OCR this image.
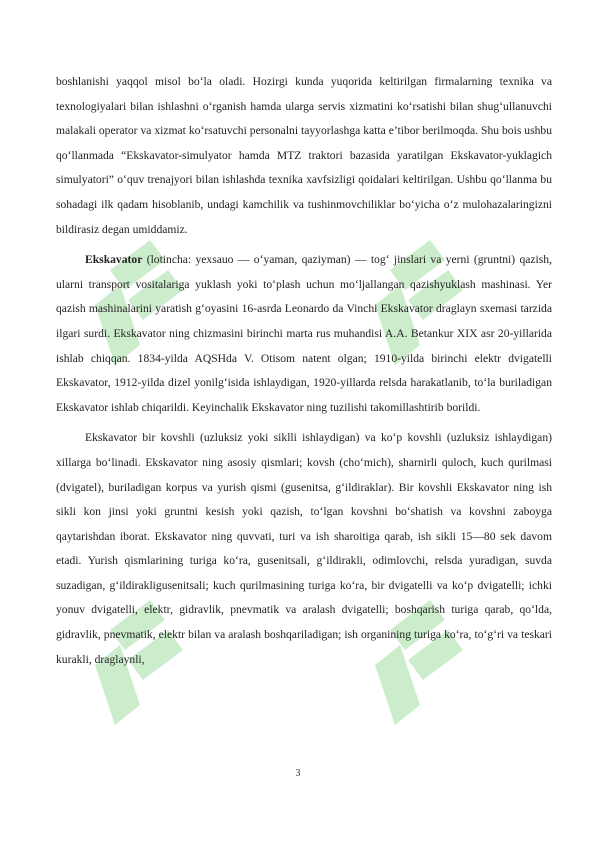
boshlanishi yaqqol misol bo‘la oladi. Hozirgi kunda yuqorida keltirilgan firmalarning texnika va texnologiyalari bilan ishlashni o‘rganish hamda ularga servis xizmatini ko‘rsatishi bilan shug‘ullanuvchi malakali operator va xizmat ko‘rsatuvchi personalni tayyorlashga katta e’tibor berilmoqda. Shu bois ushbu qo‘llanmada “Ekskavator-simulyator hamda MTZ traktori bazasida yaratilgan Ekskavator-yuklagich simulyatori” o‘quv trenajyori bilan ishlashda texnika xavfsizligi qoidalari keltirilgan. Ushbu qo‘llanma bu sohadagi ilk qadam hisoblanib, undagi kamchilik va tushinmovchiliklar bo‘yicha o‘z mulohazalaringizni bildirasiz degan umiddamiz.

Ekskavator (lotincha: yexsauo — o‘yaman, qaziyman) — tog‘ jinslari va yerni (gruntni) qazish, ularni transport vositalariga yuklash yoki to‘plash uchun mo‘ljallangan qazishyuklash mashinasi. Yer qazish mashinalarini yaratish g‘oyasini 16-asrda Leonardo da Vinchi Ekskavator draglayn sxemasi tarzida ilgari surdi. Ekskavator ning chizmasini birinchi marta rus muhandisi A.A. Betankur XIX asr 20-yillarida ishlab chiqqan. 1834-yilda AQSHda V. Otisom natent olgan; 1910-yilda birinchi elektr dvigatelli Ekskavator, 1912-yilda dizel yonilg‘isida ishlaydigan, 1920-yillarda relsda harakatlanib, to‘la buriladigan Ekskavator ishlab chiqarildi. Keyinchalik Ekskavator ning tuzilishi takomillashtirib borildi.

Ekskavator bir kovshli (uzluksiz yoki siklli ishlaydigan) va ko‘p kovshli (uzluksiz ishlaydigan) xillarga bo‘linadi. Ekskavator ning asosiy qismlari; kovsh (cho‘mich), sharnirli quloch, kuch qurilmasi (dvigatel), buriladigan korpus va yurish qismi (gusenitsa, g‘ildiraklar). Bir kovshli Ekskavator ning ish sikli kon jinsi yoki gruntni kesish yoki qazish, to‘lgan kovshni bo‘shatish va kovshni zaboyga qaytarishdan iborat. Ekskavator ning quvvati, turi va ish sharoitiga qarab, ish sikli 15—80 sek davom etadi. Yurish qismlarining turiga ko‘ra, gusenitsali, g‘ildirakli, odimlovchi, relsda yuradigan, suvda suzadigan, g‘ildirakligusenitsali; kuch qurilmasining turiga ko‘ra, bir dvigatelli va ko‘p dvigatelli; ichki yonuv dvigatelli, elektr, gidravlik, pnevmatik va aralash dvigatelli; boshqarish turiga qarab, qo‘lda, gidravlik, pnevmatik, elektr bilan va aralash boshqariladigan; ish organining turiga ko‘ra, to‘g‘ri va teskari kurakli, draglaynli,

3
